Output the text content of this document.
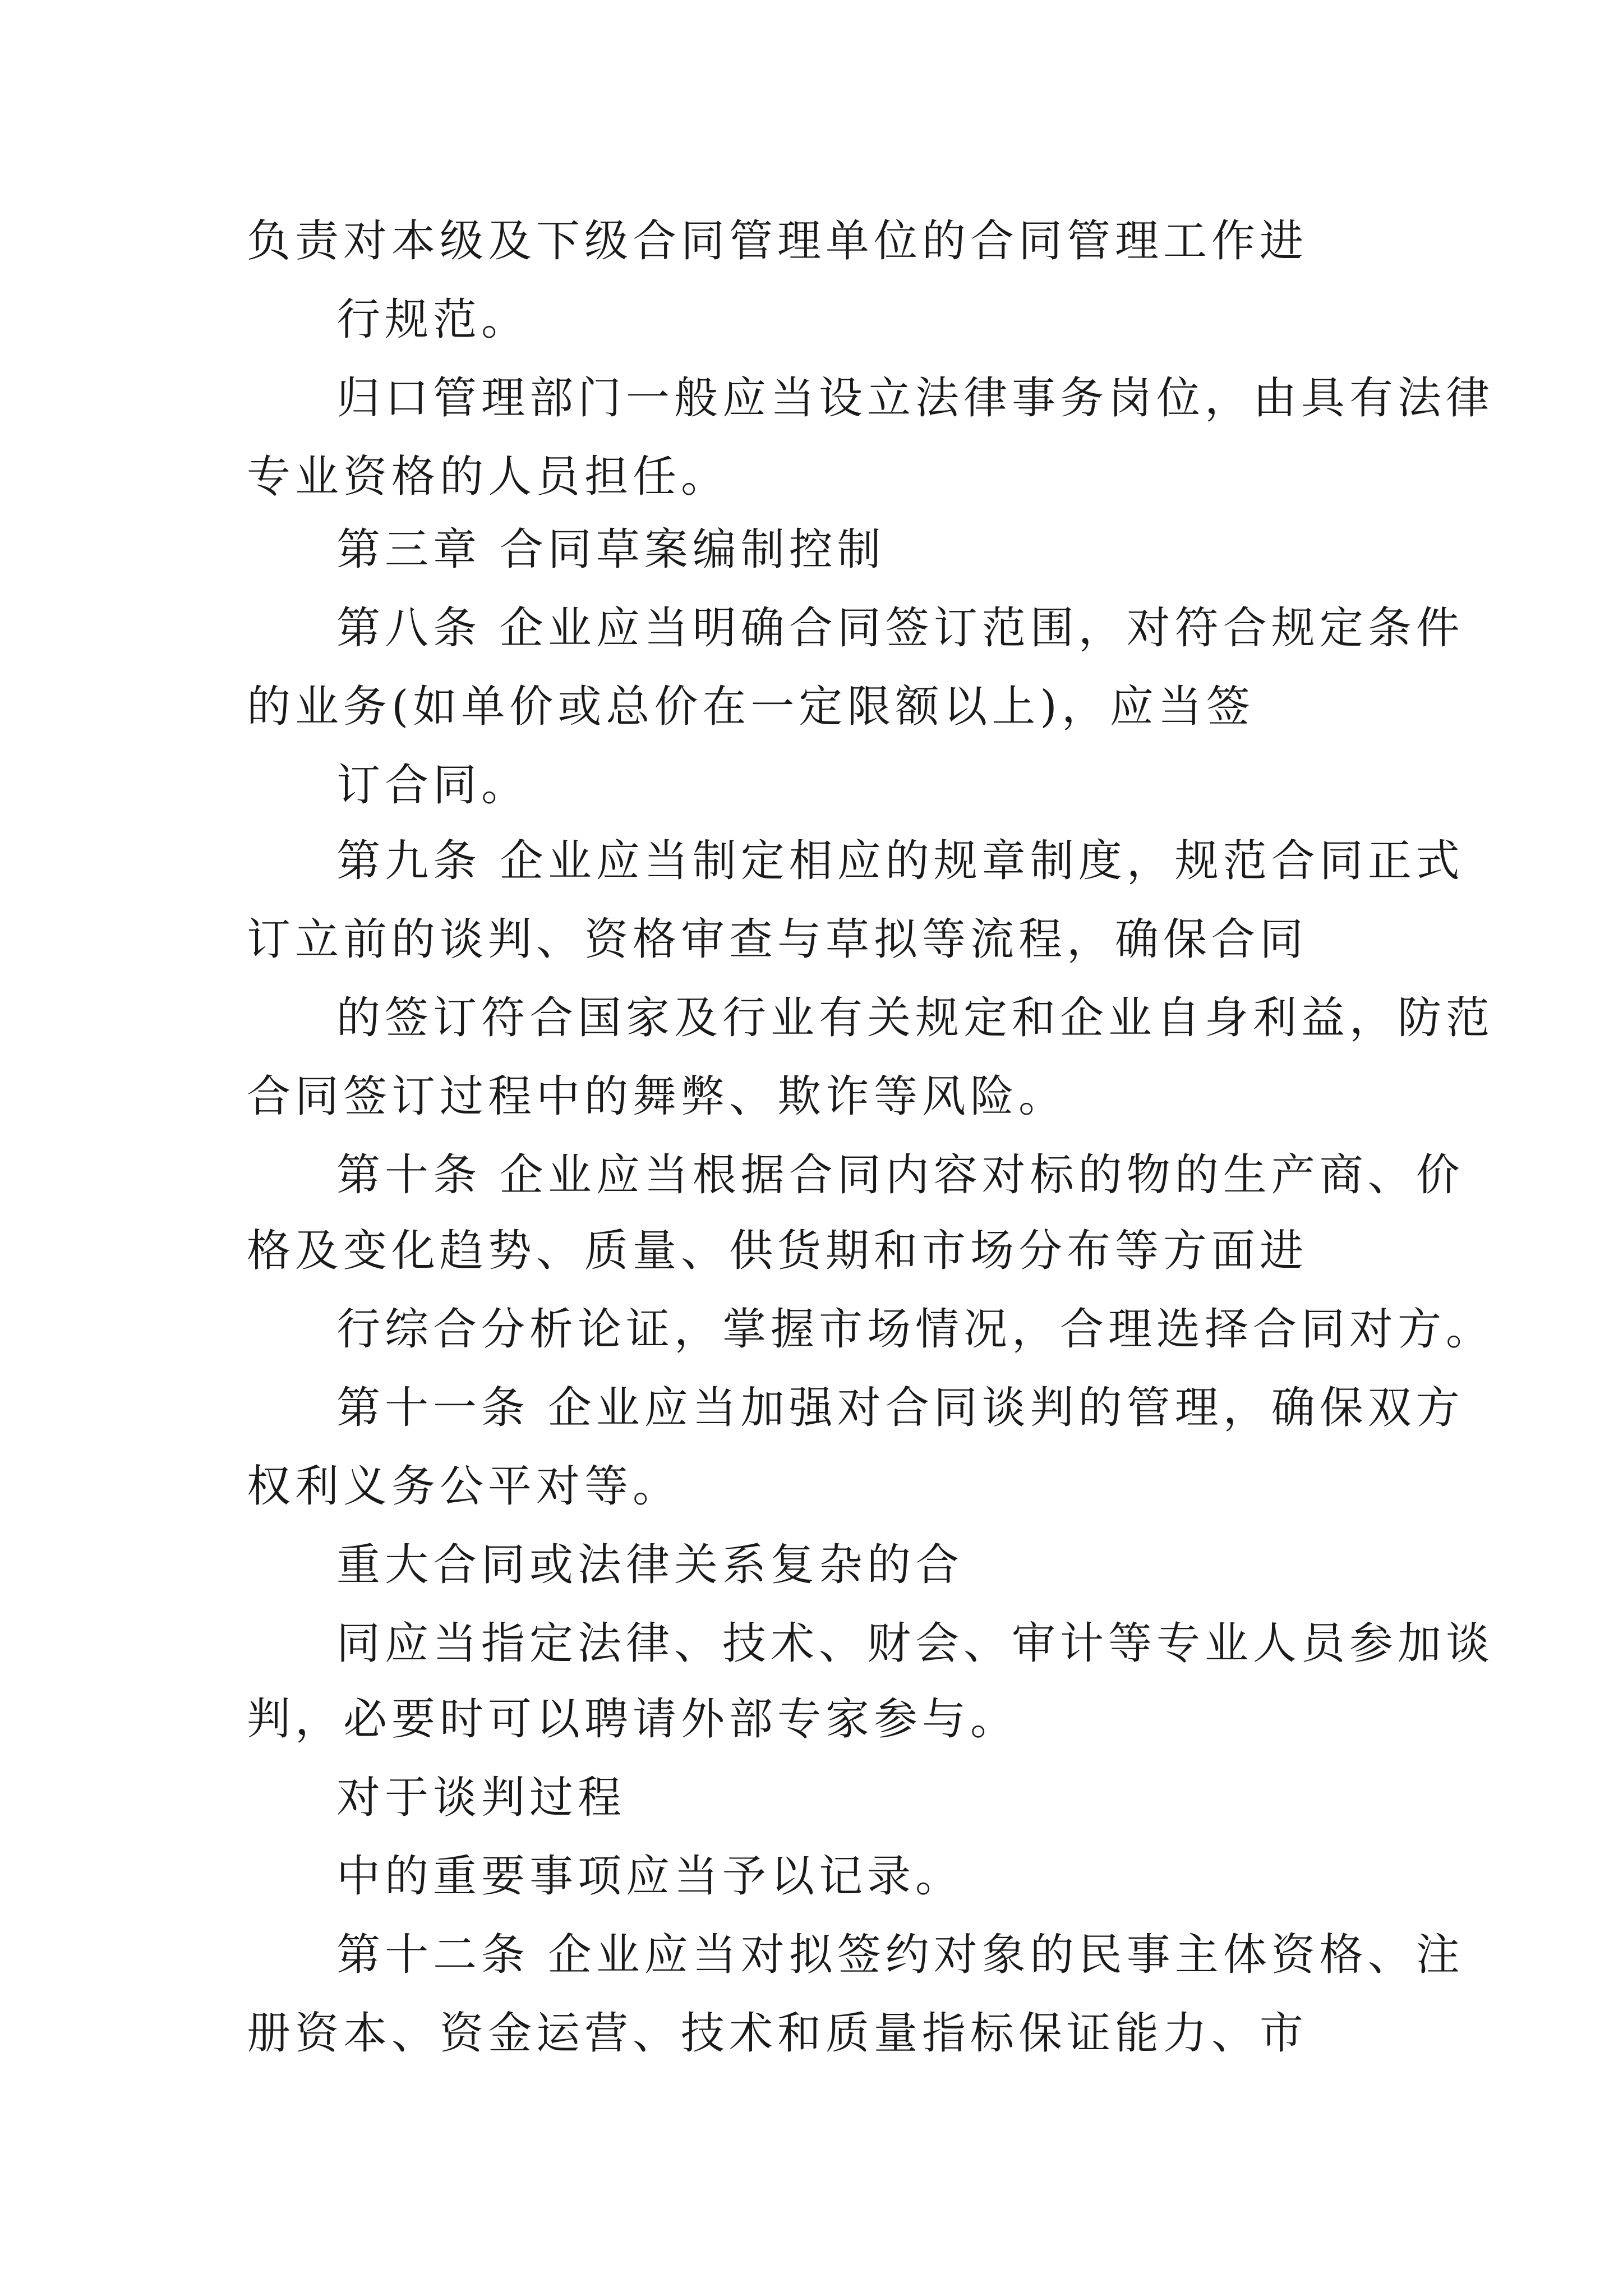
负责对本级及下级合同管理单位的合同管理工作进
行规范。
归口管理部门一般应当设立法律事务岗位，由具有法律
专业资格的人员担任。
第三章 合同草案编制控制
第八条 企业应当明确合同签订范围，对符合规定条件
的业务(如单价或总价在一定限额以上)，应当签
订合同。
第九条 企业应当制定相应的规章制度，规范合同正式
订立前的谈判、资格审查与草拟等流程，确保合同
的签订符合国家及行业有关规定和企业自身利益，防范
合同签订过程中的舞弊、欺诈等风险。
第十条 企业应当根据合同内容对标的物的生产商、价
格及变化趋势、质量、供货期和市场分布等方面进
行综合分析论证，掌握市场情况，合理选择合同对方。
第十一条 企业应当加强对合同谈判的管理，确保双方
权利义务公平对等。
重大合同或法律关系复杂的合
同应当指定法律、技术、财会、审计等专业人员参加谈
判，必要时可以聘请外部专家参与。
对于谈判过程
中的重要事项应当予以记录。
第十二条 企业应当对拟签约对象的民事主体资格、注
册资本、资金运营、技术和质量指标保证能力、市
